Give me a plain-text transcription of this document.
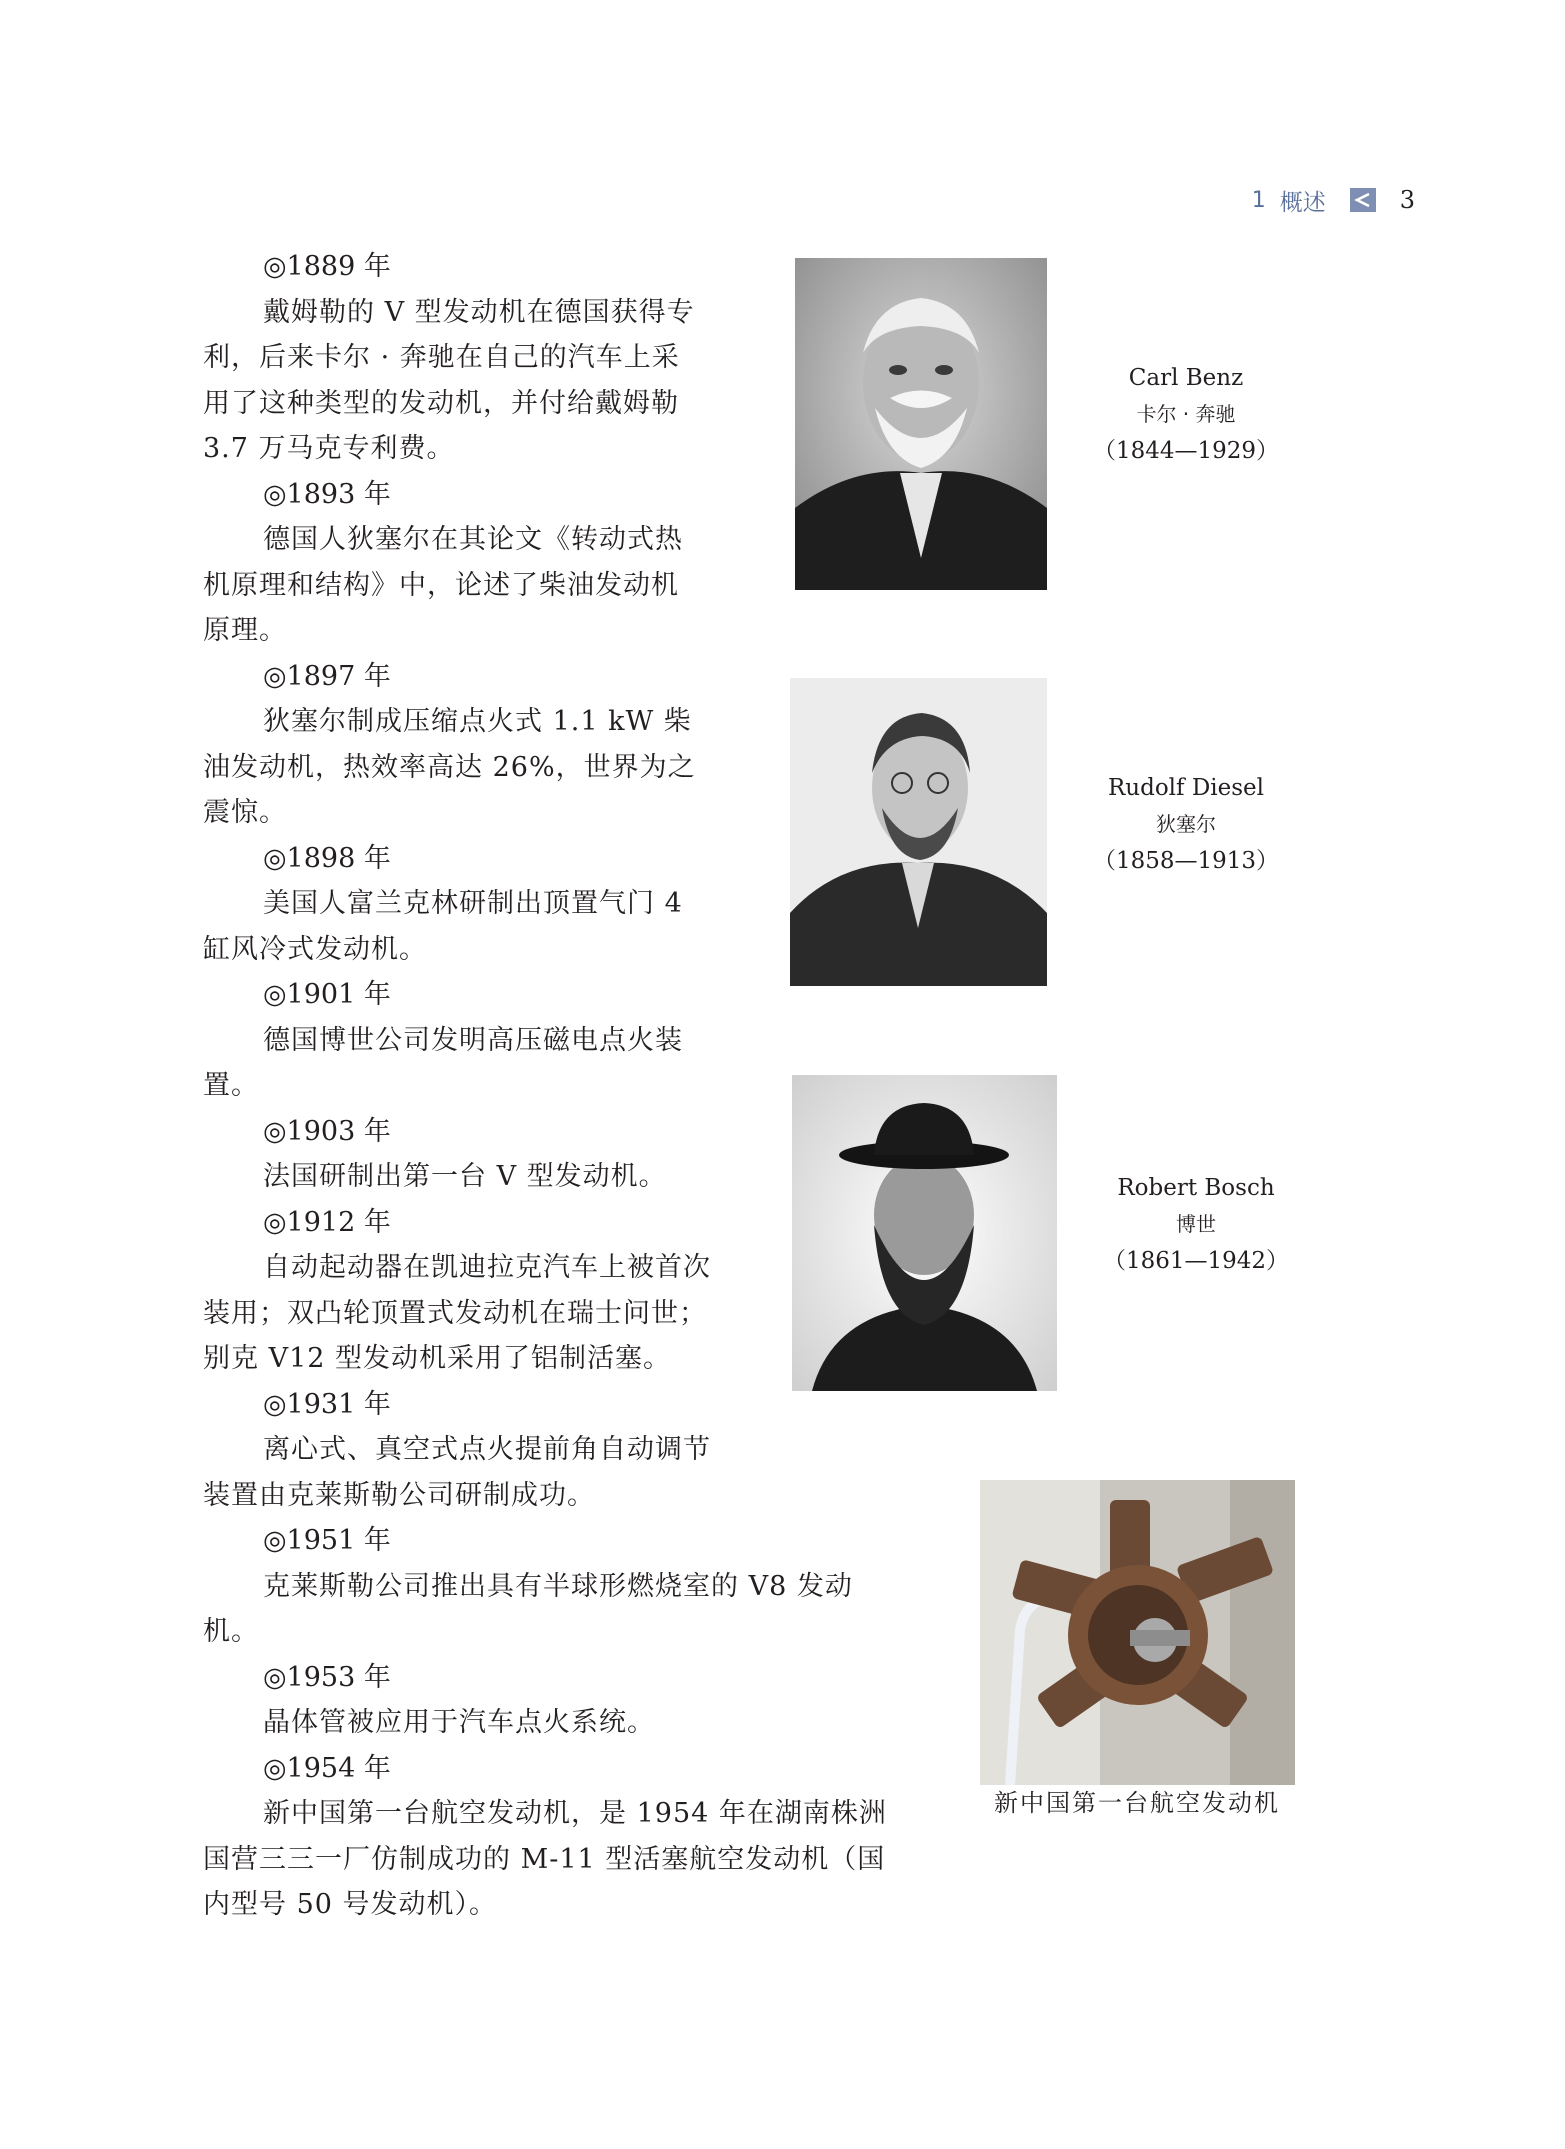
1 概述	3

◎1889 年

戴姆勒的 V 型发动机在德国获得专利，后来卡尔 · 奔驰在自己的汽车上采用了这种类型的发动机，并付给戴姆勒 3.7 万马克专利费。

◎1893 年

德国人狄塞尔在其论文《转动式热机原理和结构》中，论述了柴油发动机原理。

◎1897 年

狄塞尔制成压缩点火式 1.1 kW 柴油发动机，热效率高达 26%，世界为之震惊。

◎1898 年

美国人富兰克林研制出顶置气门 4 缸风冷式发动机。

◎1901 年

德国博世公司发明高压磁电点火装置。

◎1903 年

法国研制出第一台 V 型发动机。

◎1912 年

自动起动器在凯迪拉克汽车上被首次装用；双凸轮顶置式发动机在瑞士问世；别克 V12 型发动机采用了铝制活塞。

◎1931 年

离心式、真空式点火提前角自动调节装置由克莱斯勒公司研制成功。

◎1951 年

克莱斯勒公司推出具有半球形燃烧室的 V8 发动机。

◎1953 年

晶体管被应用于汽车点火系统。

◎1954 年

新中国第一台航空发动机，是 1954 年在湖南株洲国营三三一厂仿制成功的 M-11 型活塞航空发动机（国内型号 50 号发动机）。

Carl Benz
卡尔 · 奔驰
（1844—1929）
Rudolf Diesel
狄塞尔
（1858—1913）
Robert Bosch
博世
（1861—1942）
新中国第一台航空发动机
